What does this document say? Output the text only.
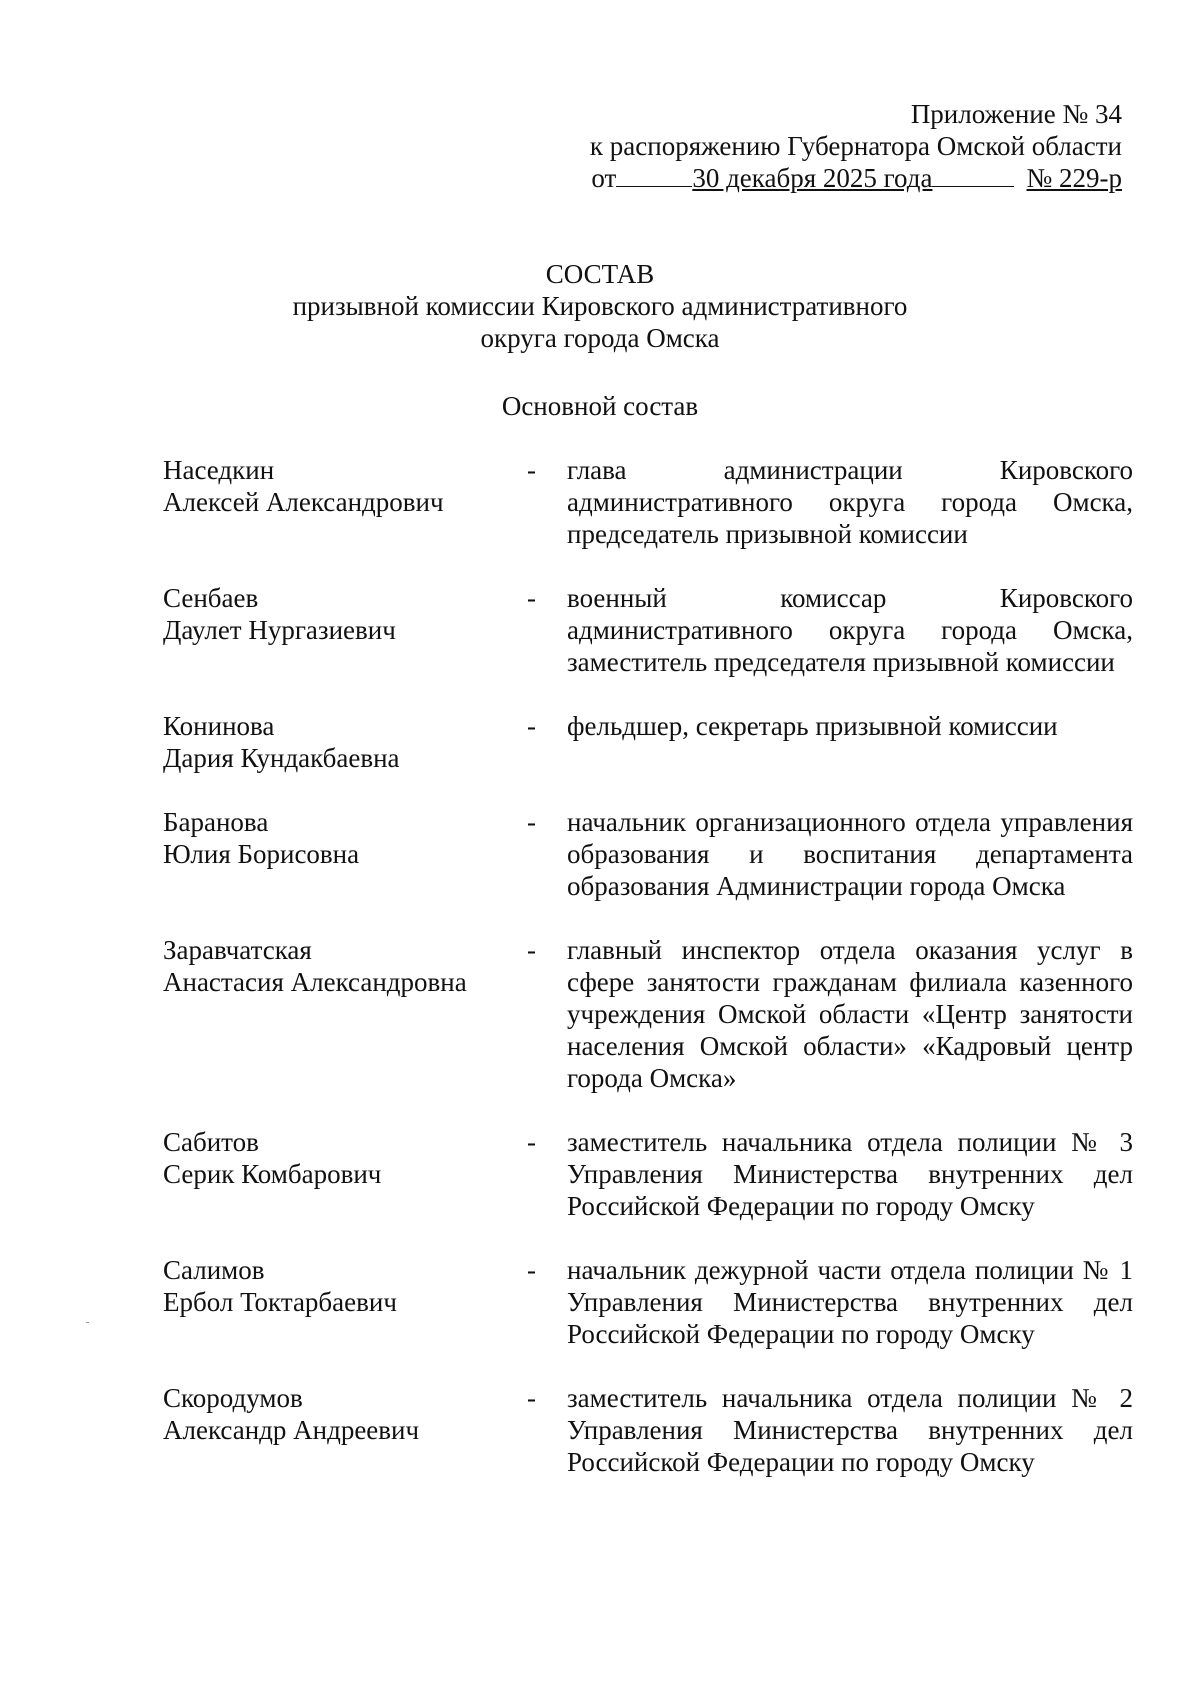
Приложение № 34
к распоряжению Губернатора Омской области
от	30 декабря 2025 года	№ 229-р
СОСТАВ
призывной комиссии Кировского административного
округа города Омска
Основной состав
Наседкин
Алексей Александрович
-	глава администрации Кировского административного округа города Омска, председатель призывной комиссии
Сенбаев
Даулет Нургазиевич
-	военный комиссар Кировского административного округа города Омска, заместитель председателя призывной комиссии
Конинова
Дария Кундакбаевна
-	фельдшер, секретарь призывной комиссии
Баранова
Юлия Борисовна
-	начальник организационного отдела управления образования и воспитания департамента образования Администрации города Омска
Заравчатская
Анастасия Александровна
-	главный инспектор отдела оказания услуг в сфере занятости гражданам филиала казенного учреждения Омской области «Центр занятости населения Омской области» «Кадровый центр города Омска»
Сабитов
Серик Комбарович
-	заместитель начальника отдела полиции № 3 Управления Министерства внутренних дел Российской Федерации по городу Омску
Салимов
Ербол Токтарбаевич
-	начальник дежурной части отдела полиции № 1 Управления Министерства внутренних дел Российской Федерации по городу Омску
Скородумов
Александр Андреевич
-	заместитель начальника отдела полиции № 2 Управления Министерства внутренних дел Российской Федерации по городу Омску
